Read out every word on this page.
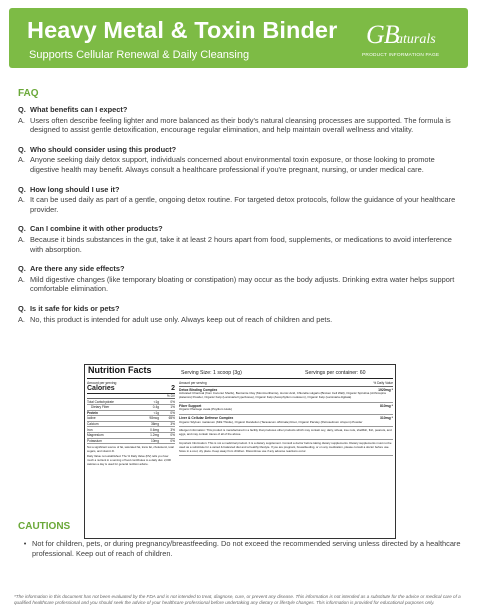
Heavy Metal & Toxin Binder
Supports Cellular Renewal & Daily Cleansing
GB
aturals
PRODUCT INFORMATION PAGE
FAQ
Q. What benefits can I expect?
A. Users often describe feeling lighter and more balanced as their body's natural cleansing processes are supported. The formula is designed to assist gentle detoxification, encourage regular elimination, and help maintain overall wellness and vitality.
Q. Who should consider using this product?
A. Anyone seeking daily detox support, individuals concerned about environmental toxin exposure, or those looking to promote digestive health may benefit. Always consult a healthcare professional if you're pregnant, nursing, or under medical care.
Q. How long should I use it?
A. It can be used daily as part of a gentle, ongoing detox routine. For targeted detox protocols, follow the guidance of your healthcare provider.
Q. Can I combine it with other products?
A. Because it binds substances in the gut, take it at least 2 hours apart from food, supplements, or medications to avoid interference with absorption.
Q. Are there any side effects?
A. Mild digestive changes (like temporary bloating or constipation) may occur as the body adjusts. Drinking extra water helps support comfortable elimination.
Q. Is it safe for kids or pets?
A. No, this product is intended for adult use only. Always keep out of reach of children and pets.
Nutrition Facts	Serving Size: 1 scoop (3g)	Servings per container: 60
Amount per serving
Calories	2
% DV
Total Carbohydrate	<1g	0%
Dietary Fiber	0.4g	1%
Protein	<1g	0%
Iodine	98mcg	65%
Calcium	36mg	3%
Iron	0.6mg	3%
Magnesium	1.2mg	0%
Potassium	10mg	0%

Not a significant source of fat, saturated fat, trans fat, cholesterol, total sugars, and vitamin D.

Daily Value not established. The % Daily Value (DV) tells you how much a nutrient in a serving of food contributes to a daily diet. 2,000 calories a day is used for general nutrition advice.

Amount per serving	% Daily Value
Detox Binding Complex	1920mg *
Activated Charcoal (from Coconut Shells), Bentonite Clay (Montmorillonite), Humic Acid, Chlorella vulgaris (Broken Cell Wall), Organic Spirulina (Arthrospira platensis) Powder, Organic Kelp (Laminaria hyperborea), Organic Kelp (Ascophyllum nodosum), Organic Kelp (Laminaria digitata)
Fiber Support	810mg *
Organic Plantago ovata (Psyllium Husk)
Liver & Cellular Defense Complex	310mg *
Organic Silybum marianum (Milk Thistle), Organic Dandelion (Taraxacum officinale) Root, Organic Parsley (Petroselinum crispum) Powder
Allergen Information: This product is manufactured in a facility that produces other products which may contain soy, dairy, wheat, tree nuts, shellfish, fish, peanuts, and eggs, and may contain traces of all of the above.
Important Information: This is not a medicinal product. It is a dietary supplement. Consult a doctor before taking dietary supplements. Dietary supplements must not be used as a substitute for a varied & balanced diet and a healthy lifestyle. If you are pregnant, breastfeeding, or on any medication, please consult a doctor before use. Store in a cool, dry place. Keep away from children. Discontinue use if any adverse reactions occur.
CAUTIONS
• Not for children, pets, or during pregnancy/breastfeeding. Do not exceed the recommended serving unless directed by a healthcare professional. Keep out of reach of children.
*The information in this document has not been evaluated by the FDA and is not intended to treat, diagnose, cure, or prevent any disease. This information is not intended as a substitute for the advice or medical care of a qualified healthcare professional and you should seek the advice of your healthcare professional before undertaking any dietary or lifestyle changes. This information is provided for educational purposes only.
